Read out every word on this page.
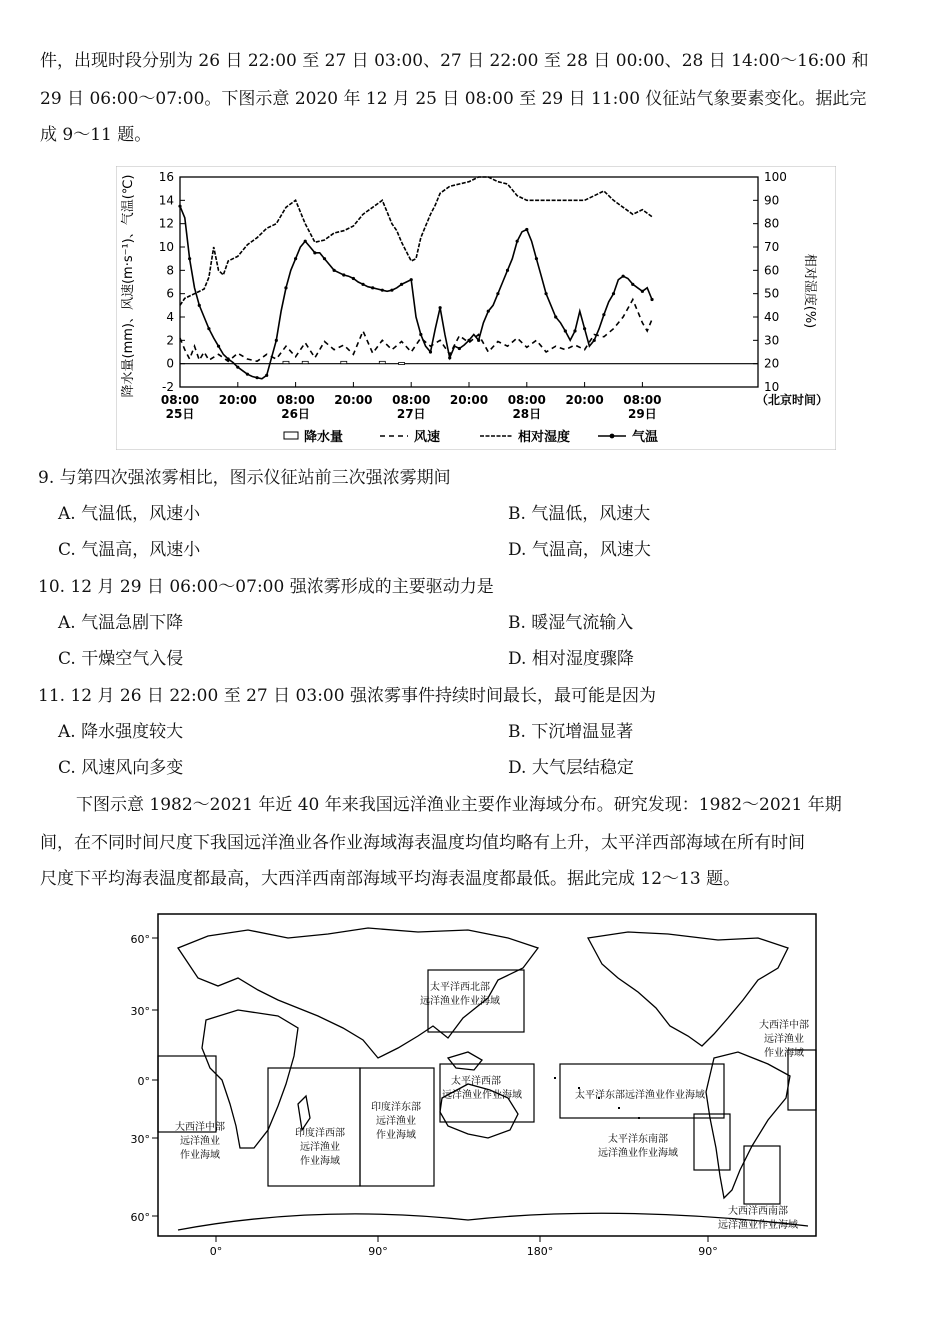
件，出现时段分别为 26 日 22:00 至 27 日 03:00、27 日 22:00 至 28 日 00:00、28 日 14:00～16:00 和

29 日 06:00～07:00。下图示意 2020 年 12 月 25 日 08:00 至 29 日 11:00 仪征站气象要素变化。据此完

成 9～11 题。

16
14
12
10
8
6
4
2
0
-2
100
90
80
70
60
50
40
30
20
10
08:00
25日
20:00 08:00
26日
20:00 08:00
27日
20:00 08:00
28日
20:00 08:00
29日
降水量(mm)、风速(m·s⁻¹)、气温(℃)	相对湿度(%)
（北京时间）
降水量	风速	相对湿度	气温
9. 与第四次强浓雾相比，图示仪征站前三次强浓雾期间
A. 气温低，风速小	B. 气温低，风速大
C. 气温高，风速小	D. 气温高，风速大
10. 12 月 29 日 06:00～07:00 强浓雾形成的主要驱动力是
A. 气温急剧下降	B. 暖湿气流输入
C. 干燥空气入侵	D. 相对湿度骤降
11. 12 月 26 日 22:00 至 27 日 03:00 强浓雾事件持续时间最长，最可能是因为
A. 降水强度较大	B. 下沉增温显著
C. 风速风向多变	D. 大气层结稳定

下图示意 1982～2021 年近 40 年来我国远洋渔业主要作业海域分布。研究发现：1982～2021 年期

间，在不同时间尺度下我国远洋渔业各作业海域海表温度均值均略有上升，太平洋西部海域在所有时间

尺度下平均海表温度都最高，大西洋西南部海域平均海表温度都最低。据此完成 12～13 题。

60°
30°
0°
30°
60°
0°	90°	180°	90°
太平洋西北部
远洋渔业作业海域
大西洋中部
远洋渔业
作业海域
太平洋西部
远洋渔业作业海域	太平洋东部远洋渔业作业海域
大西洋中部
远洋渔业
作业海域
印度洋西部
远洋渔业
作业海域
印度洋东部
远洋渔业
作业海域	太平洋东南部
远洋渔业作业海域
大西洋西南部
远洋渔业作业海域
